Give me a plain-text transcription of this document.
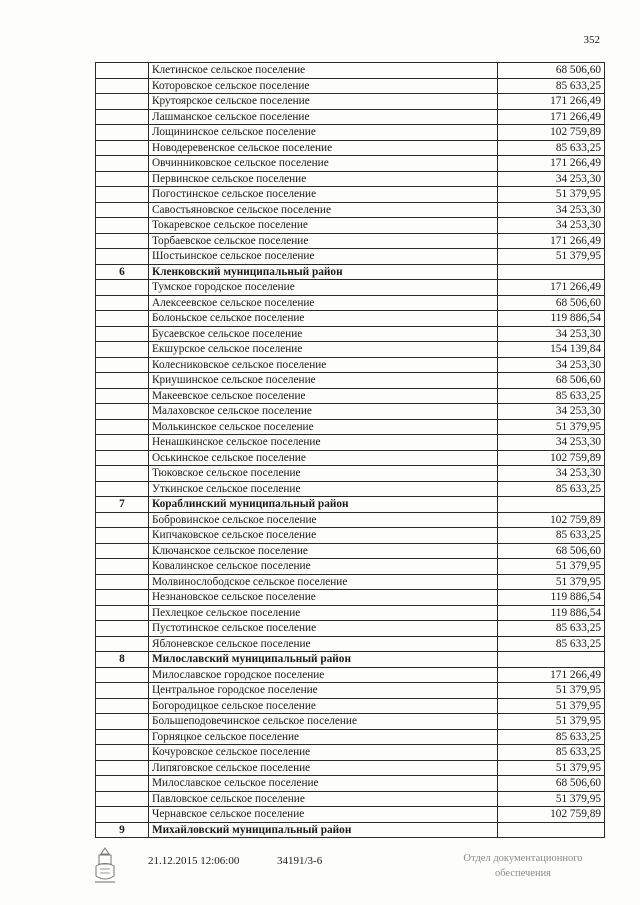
352
	Клетинское сельское поселение	68 506,60
	Которовское сельское поселение	85 633,25
	Крутоярское сельское поселение	171 266,49
	Лашманское сельское поселение	171 266,49
	Лощининское сельское поселение	102 759,89
	Новодеревенское сельское поселение	85 633,25
	Овчинниковское сельское поселение	171 266,49
	Первинское сельское поселение	34 253,30
	Погостинское сельское поселение	51 379,95
	Савостьяновское сельское поселение	34 253,30
	Токаревское сельское поселение	34 253,30
	Торбаевское сельское поселение	171 266,49
	Шостьинское сельское поселение	51 379,95
6	Кленковский муниципальный район	
	Тумское городское поселение	171 266,49
	Алексеевское сельское поселение	68 506,60
	Болоньское сельское поселение	119 886,54
	Бусаевское сельское поселение	34 253,30
	Екшурское сельское поселение	154 139,84
	Колесниковское сельское поселение	34 253,30
	Криушинское сельское поселение	68 506,60
	Макеевское сельское поселение	85 633,25
	Малаховское сельское поселение	34 253,30
	Молькинское сельское поселение	51 379,95
	Ненашкинское сельское поселение	34 253,30
	Оськинское сельское поселение	102 759,89
	Тюковское сельское поселение	34 253,30
	Уткинское сельское поселение	85 633,25
7	Кораблинский муниципальный район	
	Бобровинское сельское поселение	102 759,89
	Кипчаковское сельское поселение	85 633,25
	Ключанское сельское поселение	68 506,60
	Ковалинское сельское поселение	51 379,95
	Молвинослободское сельское поселение	51 379,95
	Незнановское сельское поселение	119 886,54
	Пехлецкое сельское поселение	119 886,54
	Пустотинское сельское поселение	85 633,25
	Яблоневское сельское поселение	85 633,25
8	Милославский муниципальный район	
	Милославское городское поселение	171 266,49
	Центральное городское поселение	51 379,95
	Богородицкое сельское поселение	51 379,95
	Большеподовечинское сельское поселение	51 379,95
	Горняцкое сельское поселение	85 633,25
	Кочуровское сельское поселение	85 633,25
	Липяговское сельское поселение	51 379,95
	Милославское сельское поселение	68 506,60
	Павловское сельское поселение	51 379,95
	Чернавское сельское поселение	102 759,89
9	Михайловский муниципальный район	
21.12.2015 12:06:00	34191/3-6	Отдел документационного
обеспечения
